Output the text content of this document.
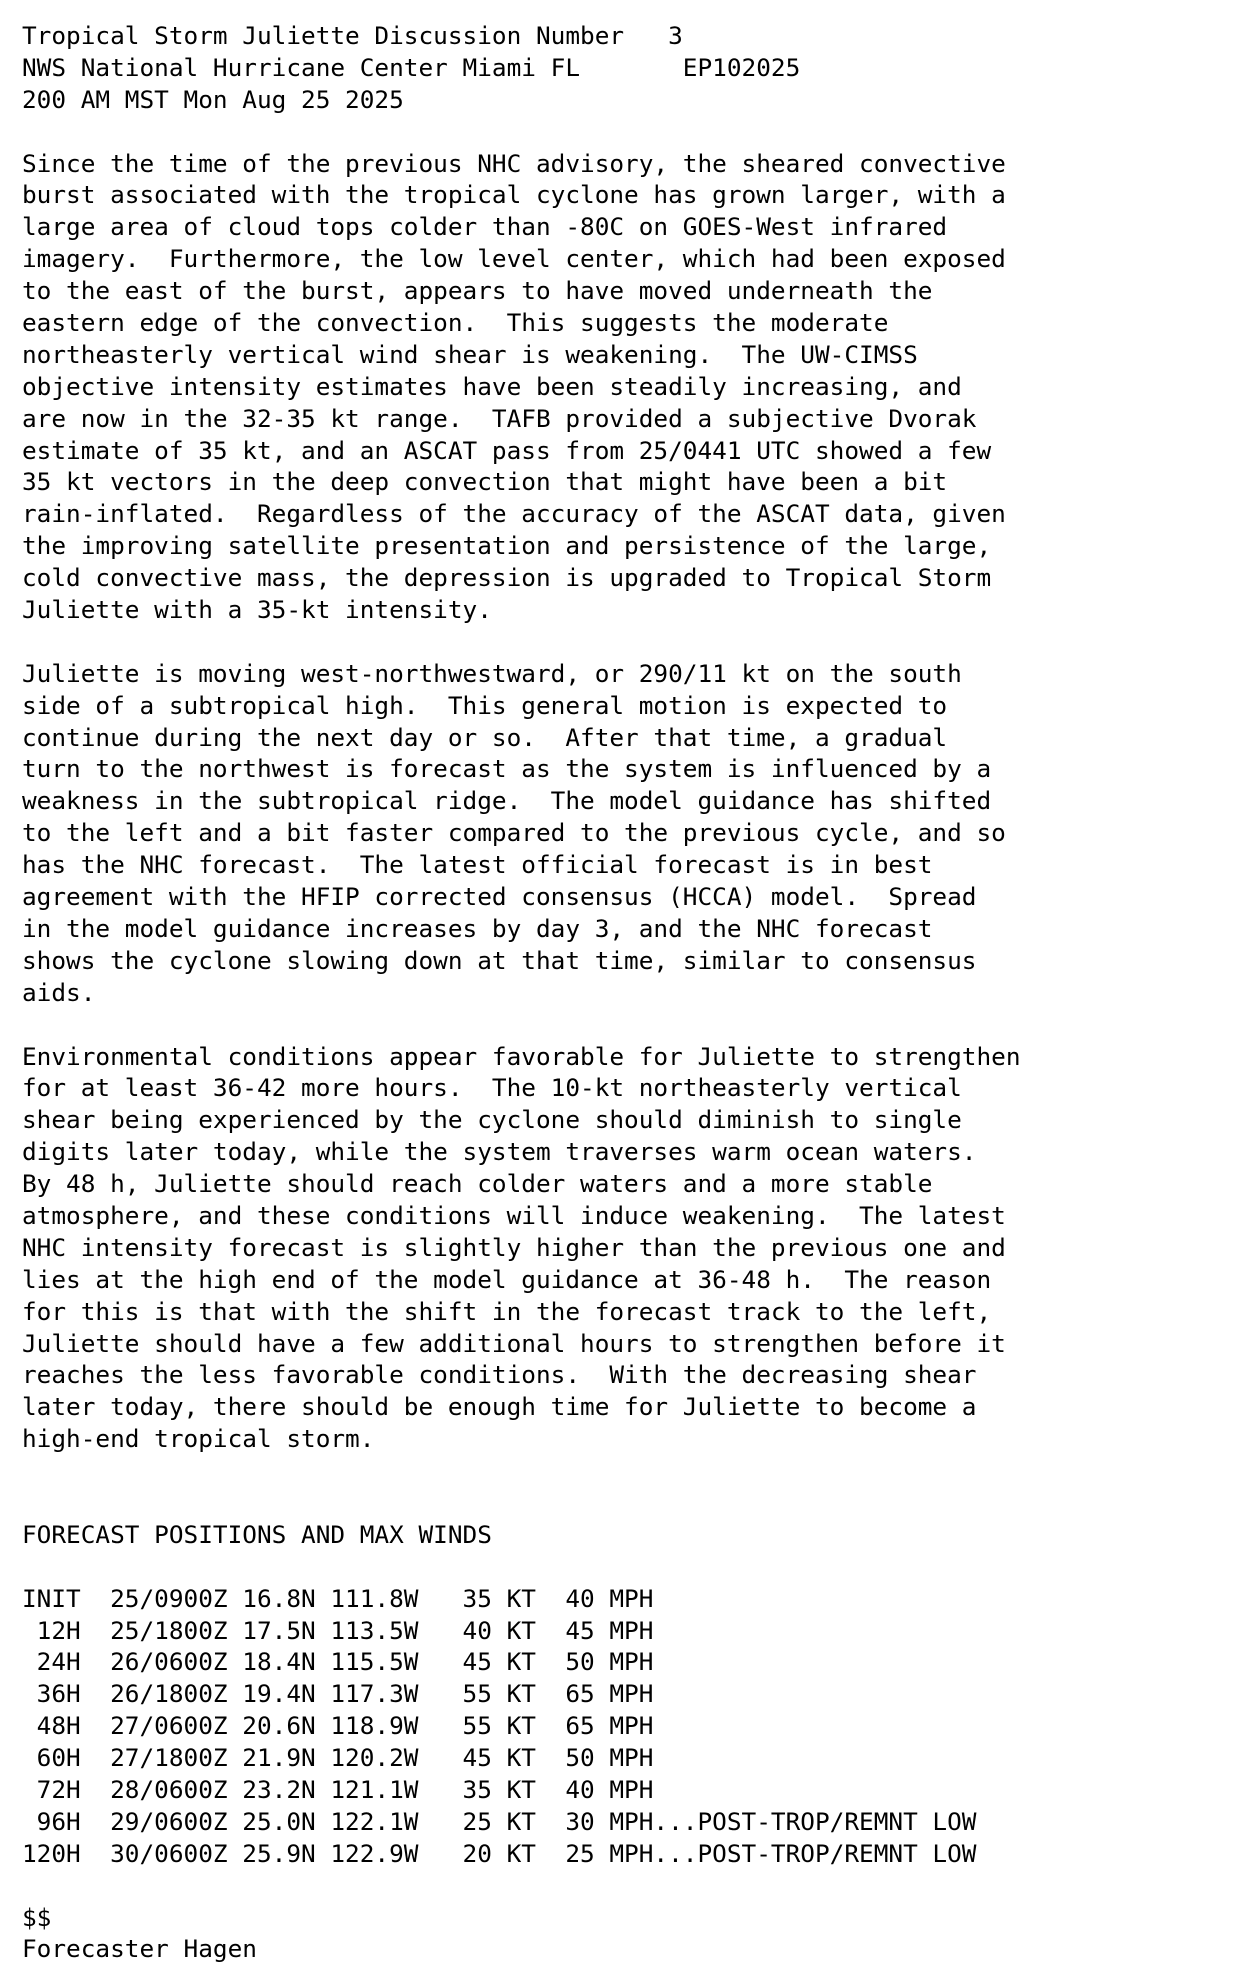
Tropical Storm Juliette Discussion Number   3
NWS National Hurricane Center Miami FL       EP102025
200 AM MST Mon Aug 25 2025
Since the time of the previous NHC advisory, the sheared convective
burst associated with the tropical cyclone has grown larger, with a
large area of cloud tops colder than -80C on GOES-West infrared
imagery.  Furthermore, the low level center, which had been exposed
to the east of the burst, appears to have moved underneath the
eastern edge of the convection.  This suggests the moderate
northeasterly vertical wind shear is weakening.  The UW-CIMSS
objective intensity estimates have been steadily increasing, and
are now in the 32-35 kt range.  TAFB provided a subjective Dvorak
estimate of 35 kt, and an ASCAT pass from 25/0441 UTC showed a few
35 kt vectors in the deep convection that might have been a bit
rain-inflated.  Regardless of the accuracy of the ASCAT data, given
the improving satellite presentation and persistence of the large,
cold convective mass, the depression is upgraded to Tropical Storm
Juliette with a 35-kt intensity.
Juliette is moving west-northwestward, or 290/11 kt on the south
side of a subtropical high.  This general motion is expected to
continue during the next day or so.  After that time, a gradual
turn to the northwest is forecast as the system is influenced by a
weakness in the subtropical ridge.  The model guidance has shifted
to the left and a bit faster compared to the previous cycle, and so
has the NHC forecast.  The latest official forecast is in best
agreement with the HFIP corrected consensus (HCCA) model.  Spread
in the model guidance increases by day 3, and the NHC forecast
shows the cyclone slowing down at that time, similar to consensus
aids.
Environmental conditions appear favorable for Juliette to strengthen
for at least 36-42 more hours.  The 10-kt northeasterly vertical
shear being experienced by the cyclone should diminish to single
digits later today, while the system traverses warm ocean waters.
By 48 h, Juliette should reach colder waters and a more stable
atmosphere, and these conditions will induce weakening.  The latest
NHC intensity forecast is slightly higher than the previous one and
lies at the high end of the model guidance at 36-48 h.  The reason
for this is that with the shift in the forecast track to the left,
Juliette should have a few additional hours to strengthen before it
reaches the less favorable conditions.  With the decreasing shear
later today, there should be enough time for Juliette to become a
high-end tropical storm.
FORECAST POSITIONS AND MAX WINDS
INIT  25/0900Z 16.8N 111.8W   35 KT  40 MPH
12H  25/1800Z 17.5N 113.5W   40 KT  45 MPH
24H  26/0600Z 18.4N 115.5W   45 KT  50 MPH
36H  26/1800Z 19.4N 117.3W   55 KT  65 MPH
48H  27/0600Z 20.6N 118.9W   55 KT  65 MPH
60H  27/1800Z 21.9N 120.2W   45 KT  50 MPH
72H  28/0600Z 23.2N 121.1W   35 KT  40 MPH
96H  29/0600Z 25.0N 122.1W   25 KT  30 MPH...POST-TROP/REMNT LOW
120H  30/0600Z 25.9N 122.9W   20 KT  25 MPH...POST-TROP/REMNT LOW
$$
Forecaster Hagen
